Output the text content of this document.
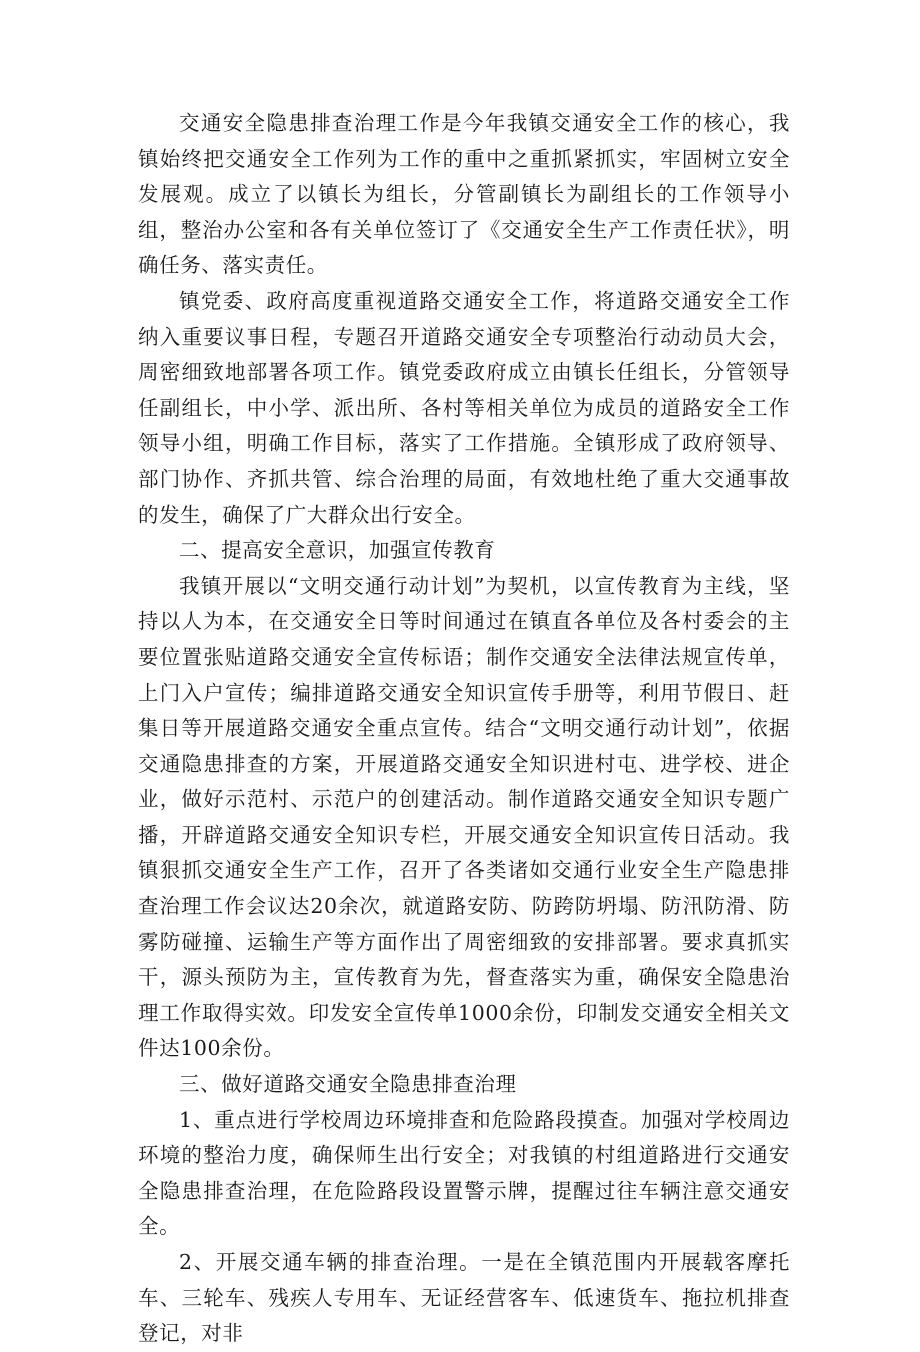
交通安全隐患排查治理工作是今年我镇交通安全工作的核心，我镇始终把交通安全工作列为工作的重中之重抓紧抓实，牢固树立安全发展观。成立了以镇长为组长，分管副镇长为副组长的工作领导小组，整治办公室和各有关单位签订了《交通安全生产工作责任状》，明确任务、落实责任。

镇党委、政府高度重视道路交通安全工作，将道路交通安全工作纳入重要议事日程，专题召开道路交通安全专项整治行动动员大会，周密细致地部署各项工作。镇党委政府成立由镇长任组长，分管领导任副组长，中小学、派出所、各村等相关单位为成员的道路安全工作领导小组，明确工作目标，落实了工作措施。全镇形成了政府领导、部门协作、齐抓共管、综合治理的局面，有效地杜绝了重大交通事故的发生，确保了广大群众出行安全。

二、提高安全意识，加强宣传教育

我镇开展以“文明交通行动计划”为契机，以宣传教育为主线，坚持以人为本，在交通安全日等时间通过在镇直各单位及各村委会的主要位置张贴道路交通安全宣传标语；制作交通安全法律法规宣传单，上门入户宣传；编排道路交通安全知识宣传手册等，利用节假日、赶集日等开展道路交通安全重点宣传。结合“文明交通行动计划”，依据交通隐患排查的方案，开展道路交通安全知识进村屯、进学校、进企业，做好示范村、示范户的创建活动。制作道路交通安全知识专题广播，开辟道路交通安全知识专栏，开展交通安全知识宣传日活动。我镇狠抓交通安全生产工作，召开了各类诸如交通行业安全生产隐患排查治理工作会议达20余次，就道路安防、防跨防坍塌、防汛防滑、防雾防碰撞、运输生产等方面作出了周密细致的安排部署。要求真抓实干，源头预防为主，宣传教育为先，督查落实为重，确保安全隐患治理工作取得实效。印发安全宣传单1000余份，印制发交通安全相关文件达100余份。

三、做好道路交通安全隐患排查治理

1、重点进行学校周边环境排查和危险路段摸查。加强对学校周边环境的整治力度，确保师生出行安全；对我镇的村组道路进行交通安全隐患排查治理，在危险路段设置警示牌，提醒过往车辆注意交通安全。

2、开展交通车辆的排查治理。一是在全镇范围内开展载客摩托车、三轮车、残疾人专用车、无证经营客车、低速货车、拖拉机排查登记，对非
